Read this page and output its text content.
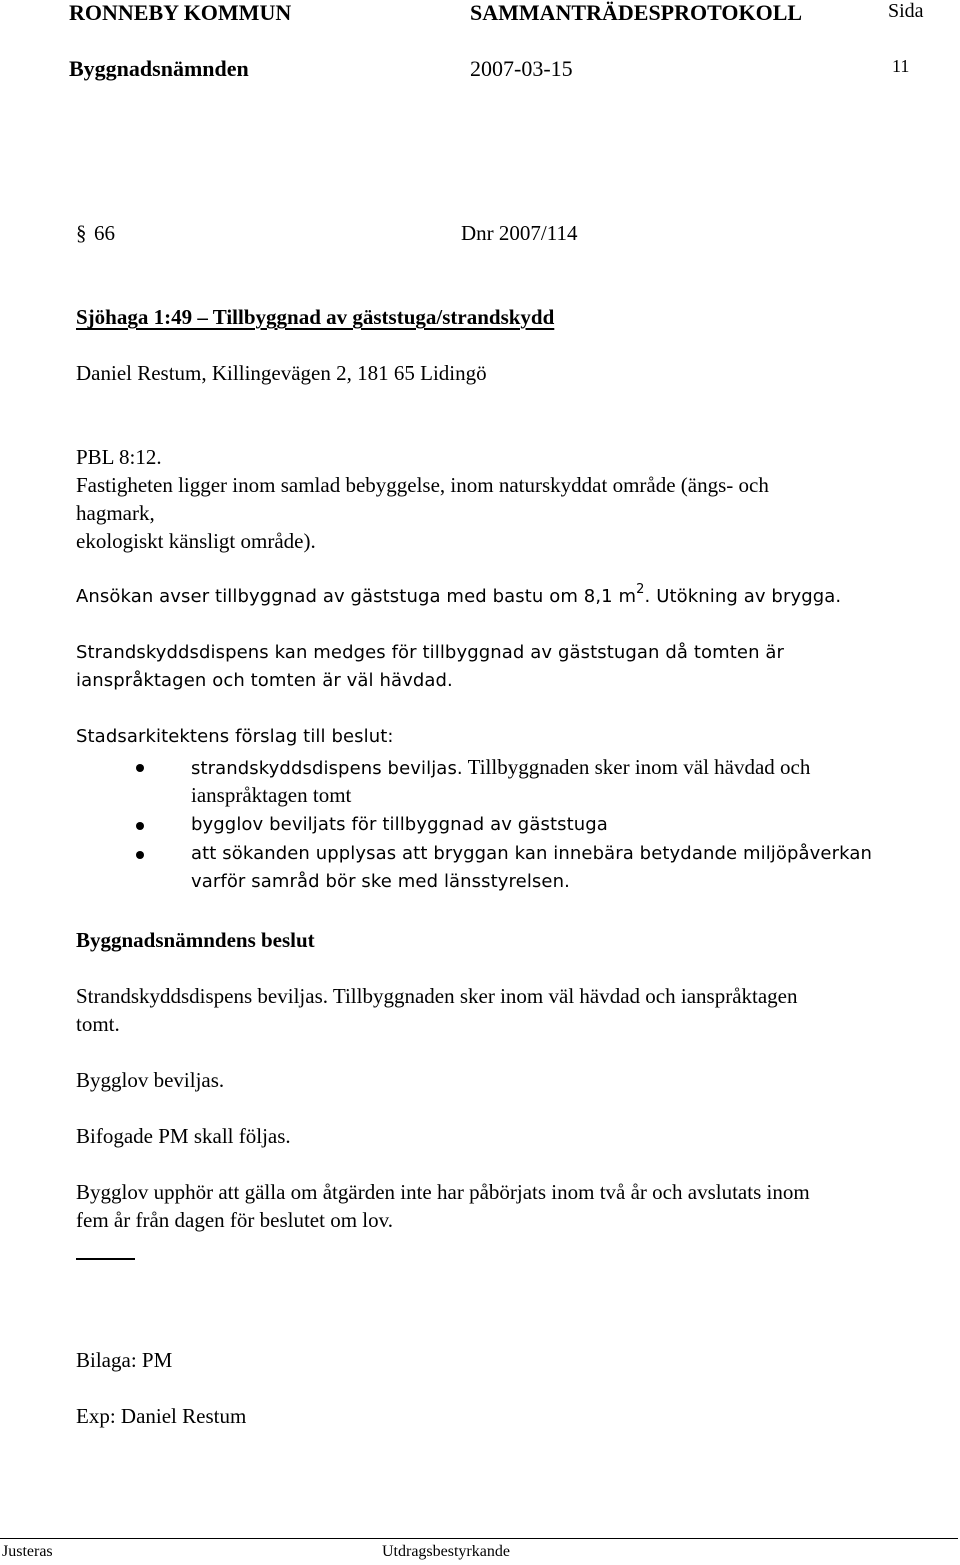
RONNEBY KOMMUN	SAMMANTRÄDESPROTOKOLL	Sida
Byggnadsnämnden	2007-03-15	11
§ 66	Dnr 2007/114
Sjöhaga 1:49 – Tillbyggnad av gäststuga/strandskydd
Daniel Restum, Killingevägen 2, 181 65 Lidingö
PBL 8:12.
Fastigheten ligger inom samlad bebyggelse, inom naturskyddat område (ängs- och
hagmark,
ekologiskt känsligt område).
Ansökan avser tillbyggnad av gäststuga med bastu om 8,1 $m^2$. Utökning av brygga.
Strandskyddsdispens kan medges för tillbyggnad av gäststugan då tomten är
ianspråktagen och tomten är väl hävdad.
Stadsarkitektens förslag till beslut:
strandskyddsdispens beviljas. Tillbyggnaden sker inom väl hävdad och
ianspråktagen tomt
bygglov beviljats för tillbyggnad av gäststuga
att sökanden upplysas att bryggan kan innebära betydande miljöpåverkan
varför samråd bör ske med länsstyrelsen.
Byggnadsnämndens beslut
Strandskyddsdispens beviljas. Tillbyggnaden sker inom väl hävdad och ianspråktagen
tomt.
Bygglov beviljas.
Bifogade PM skall följas.
Bygglov upphör att gälla om åtgärden inte har påbörjats inom två år och avslutats inom
fem år från dagen för beslutet om lov.
Bilaga: PM
Exp: Daniel Restum
Justeras	Utdragsbestyrkande
